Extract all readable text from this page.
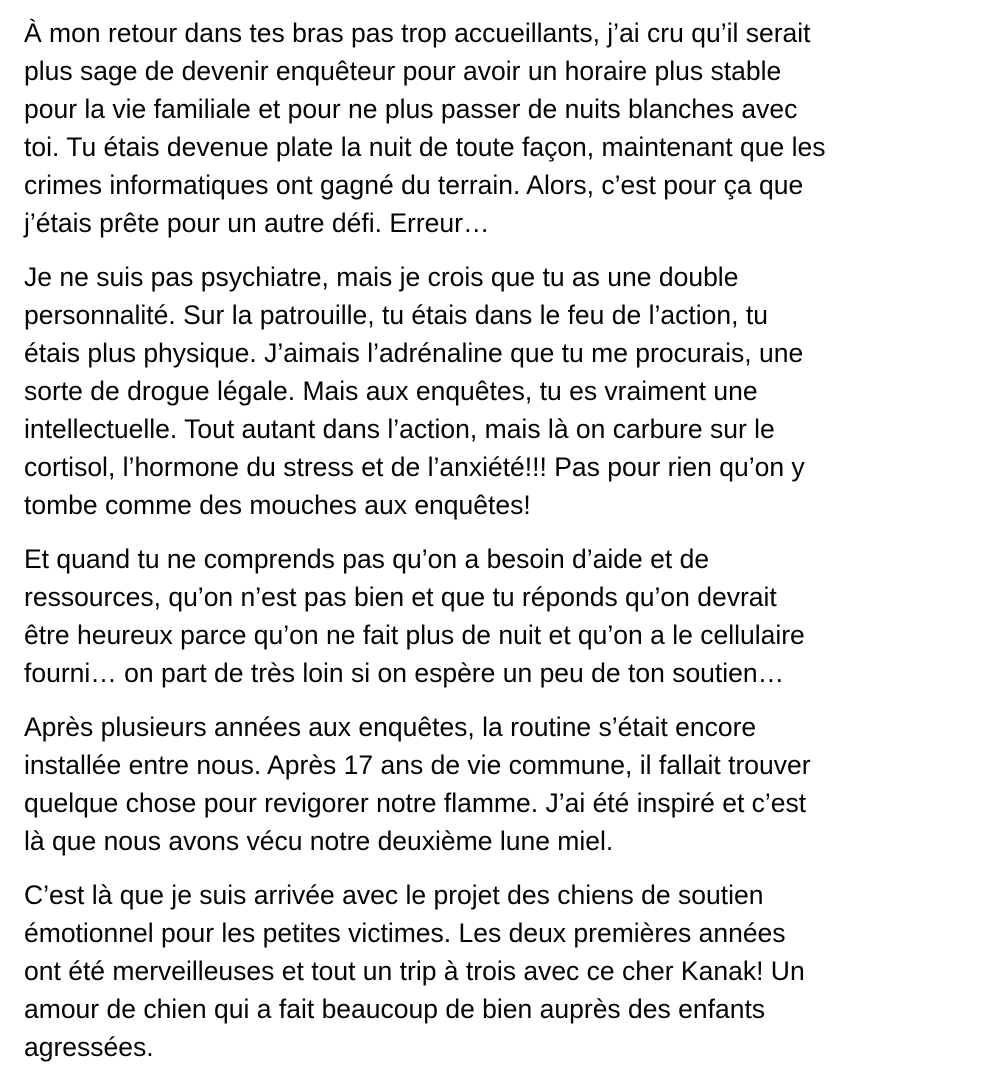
À mon retour dans tes bras pas trop accueillants, j’ai cru qu’il serait
plus sage de devenir enquêteur pour avoir un horaire plus stable
pour la vie familiale et pour ne plus passer de nuits blanches avec
toi. Tu étais devenue plate la nuit de toute façon, maintenant que les
crimes informatiques ont gagné du terrain. Alors, c’est pour ça que
j’étais prête pour un autre défi. Erreur…

Je ne suis pas psychiatre, mais je crois que tu as une double
personnalité. Sur la patrouille, tu étais dans le feu de l’action, tu
étais plus physique. J’aimais l’adrénaline que tu me procurais, une
sorte de drogue légale. Mais aux enquêtes, tu es vraiment une
intellectuelle. Tout autant dans l’action, mais là on carbure sur le
cortisol, l’hormone du stress et de l’anxiété!!! Pas pour rien qu’on y
tombe comme des mouches aux enquêtes!

Et quand tu ne comprends pas qu’on a besoin d’aide et de
ressources, qu’on n’est pas bien et que tu réponds qu’on devrait
être heureux parce qu’on ne fait plus de nuit et qu’on a le cellulaire
fourni… on part de très loin si on espère un peu de ton soutien…

Après plusieurs années aux enquêtes, la routine s’était encore
installée entre nous. Après 17 ans de vie commune, il fallait trouver
quelque chose pour revigorer notre flamme. J’ai été inspiré et c’est
là que nous avons vécu notre deuxième lune miel.

C’est là que je suis arrivée avec le projet des chiens de soutien
émotionnel pour les petites victimes. Les deux premières années
ont été merveilleuses et tout un trip à trois avec ce cher Kanak! Un
amour de chien qui a fait beaucoup de bien auprès des enfants
agressées.
